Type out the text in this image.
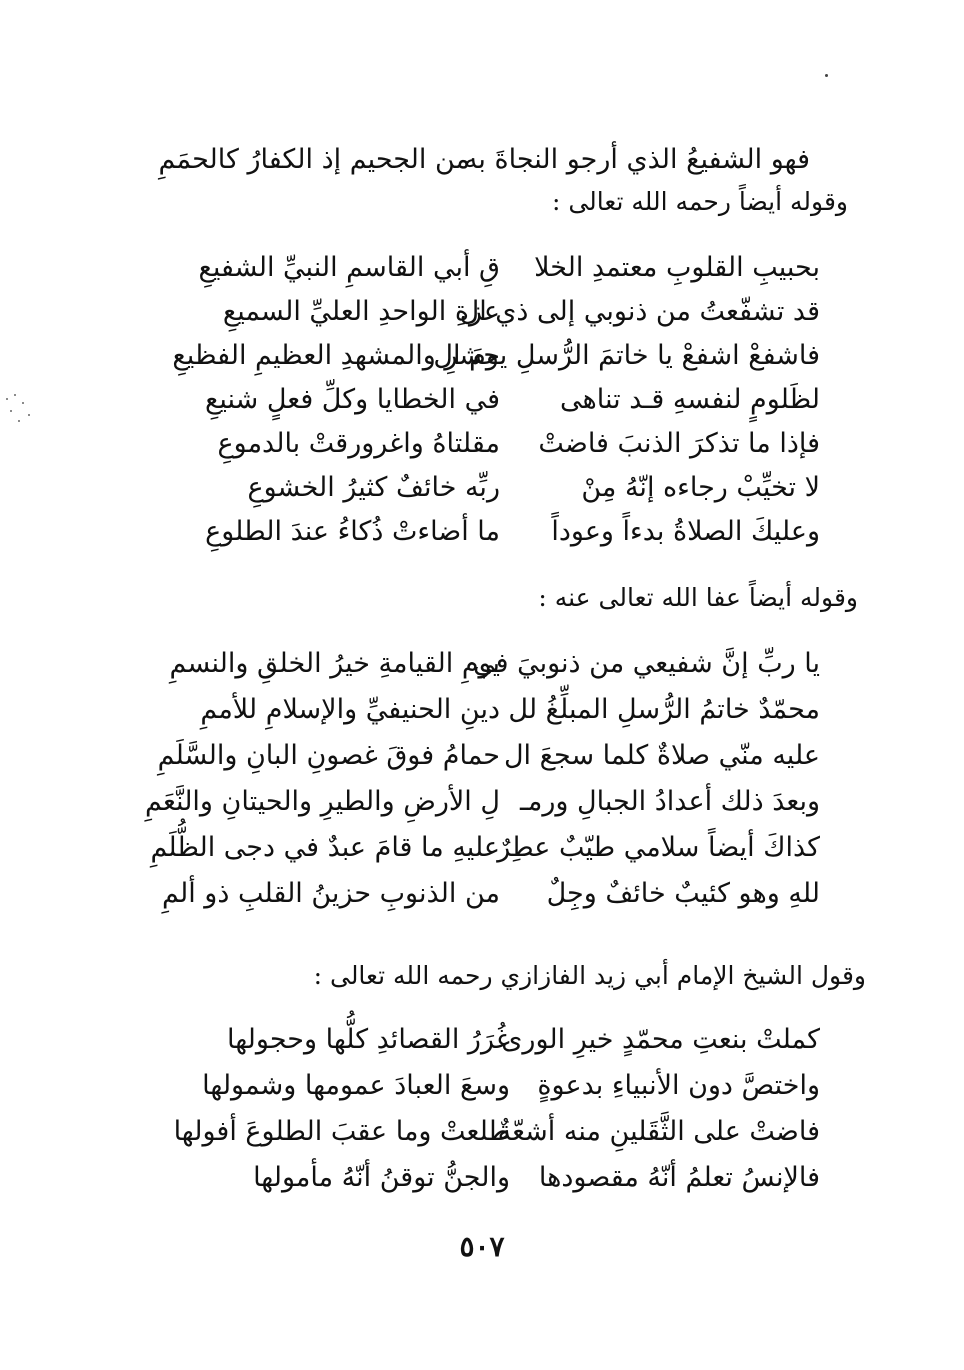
فهو الشفيعُ الذي أرجو النجاةَ به
من الجحيم إذ الكفارُ كالحمَمِ
وقوله أيضاً رحمه الله تعالى :
بحبيبِ القلوبِ معتمدِ الخلا
قِ أبي القاسمِ النبيِّ الشفيعِ
قد تشفّعتُ من ذنوبي إلى ذي ال
عزةِ الواحدِ العليِّ السميعِ
فاشفعْ اشفعْ يا خاتمَ الرُّسلِ يومَ ال
حشرِ والمشهدِ العظيمِ الفظيعِ
لظَلومٍ لنفسهِ قـد تناهى
في الخطايا وكلِّ فعلٍ شنيعِ
فإذا ما تذكرَ الذنبَ فاضتْ
مقلتاهُ واغرورقتْ بالدموعِ
لا تخيِّبْ رجاءه إنّهُ مِنْ
ربِّه خائفٌ كثيرُ الخشوعِ
وعليكَ الصلاةُ بدءاً وعوداً
ما أضاءتْ ذُكاءُ عندَ الطلوعِ
وقوله أيضاً عفا الله تعالى عنه :
يا ربِّ إنَّ شفيعي من ذنوبيَ في
يومِ القيامةِ خيرُ الخلقِ والنسمِ
محمّدٌ خاتمُ الرُّسلِ المبلِّغُ لل
دينِ الحنيفيِّ والإسلامِ للأممِ
عليه منّي صلاةٌ كلما سجعَ ال
حمامُ فوقَ غصونِ البانِ والسَّلَمِ
وبعدَ ذلك أعدادُ الجبالِ ورمـ
لِ الأرضِ والطيرِ والحيتانِ والنَّعَمِ
كذاكَ أيضاً سلامي طيّبٌ عطِرٌ
عليهِ ما قامَ عبدٌ في دجى الظُّلَمِ
للهِ وهو كئيبٌ خائفٌ وجِلٌ
من الذنوبِ حزينُ القلبِ ذو ألمِ
وقول الشيخ الإمام أبي زيد الفازازي رحمه الله تعالى :
كملتْ بنعتِ محمّدٍ خيرِ الورى
غُرَرُ القصائدِ كلُّها وحجولها
واختصَّ دون الأنبياءِ بدعوةٍ
وسعَ العبادَ عمومها وشمولها
فاضتْ على الثَّقَلينِ منه أشعّةٌ
طلعتْ وما عقبَ الطلوعَ أفولها
فالإنسُ تعلمُ أنّهُ مقصودها
والجنُّ توقنُ أنّهُ مأمولها
٥٠٧
